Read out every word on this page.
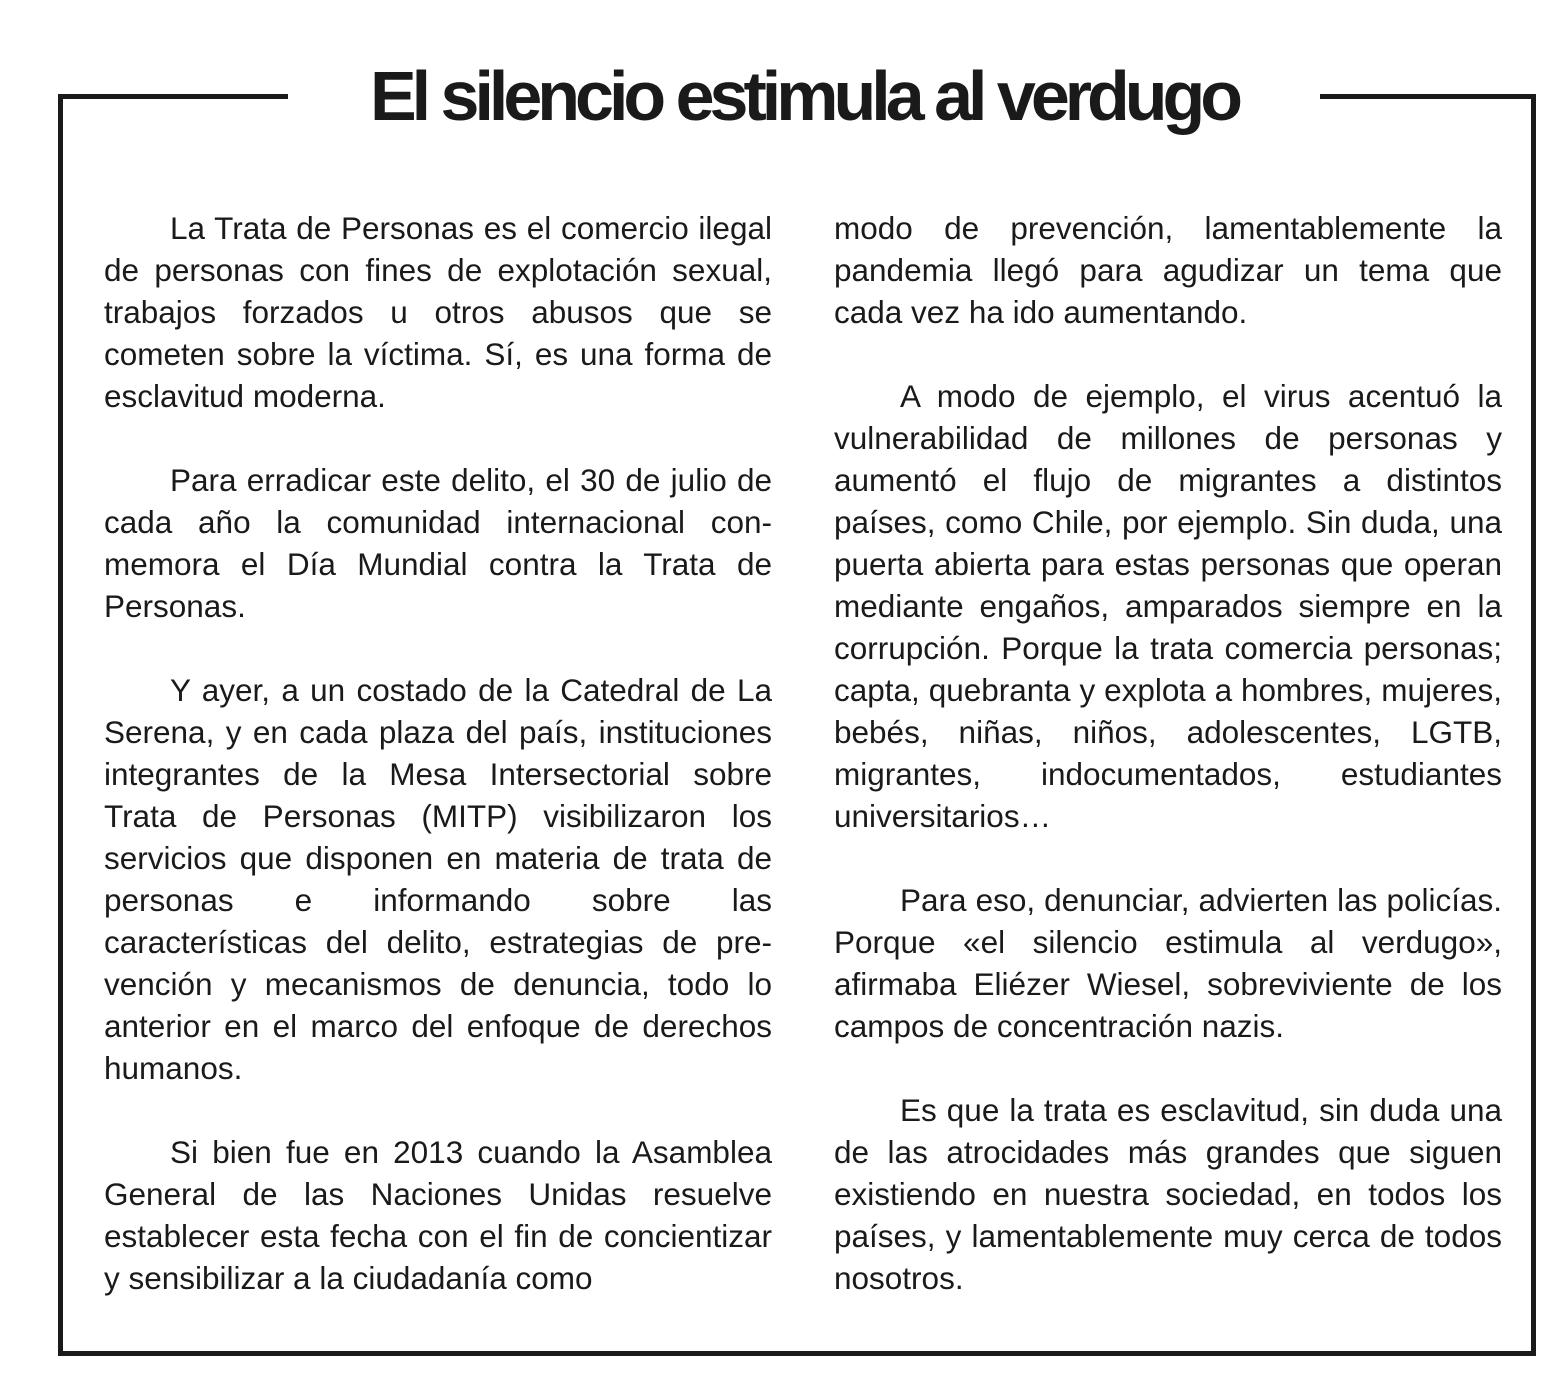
El silencio estimula al verdugo

La Trata de Personas es el comercio ilegal de personas con fines de explotación sexual, trabajos forzados u otros abusos que se cometen sobre la víctima. Sí, es una forma de esclavitud moderna.

Para erradicar este delito, el 30 de julio de cada año la comunidad internacional conmemora el Día Mundial contra la Trata de Personas.

Y ayer, a un costado de la Catedral de La Serena, y en cada plaza del país, instituciones integrantes de la Mesa Intersectorial sobre Trata de Personas (MITP) visibilizaron los servicios que disponen en materia de trata de personas e informando sobre las características del delito, estrategias de prevención y mecanismos de denuncia, todo lo anterior en el marco del enfoque de derechos humanos.

Si bien fue en 2013 cuando la Asamblea General de las Naciones Unidas resuelve establecer esta fecha con el fin de concientizar y sensibilizar a la ciudadanía como

modo de prevención, lamentablemente la pandemia llegó para agudizar un tema que cada vez ha ido aumentando.

A modo de ejemplo, el virus acentuó la vulnerabilidad de millones de personas y aumentó el flujo de migrantes a distintos países, como Chile, por ejemplo. Sin duda, una puerta abierta para estas personas que operan mediante engaños, amparados siempre en la corrupción. Porque la trata comercia personas; capta, quebranta y explota a hombres, mujeres, bebés, niñas, niños, adolescentes, LGTB, migrantes, indocumentados, estudiantes universitarios…

Para eso, denunciar, advierten las policías. Porque «el silencio estimula al verdugo», afirmaba Eliézer Wiesel, sobreviviente de los campos de concentración nazis.

Es que la trata es esclavitud, sin duda una de las atrocidades más grandes que siguen existiendo en nuestra sociedad, en todos los países, y lamentablemente muy cerca de todos nosotros.
